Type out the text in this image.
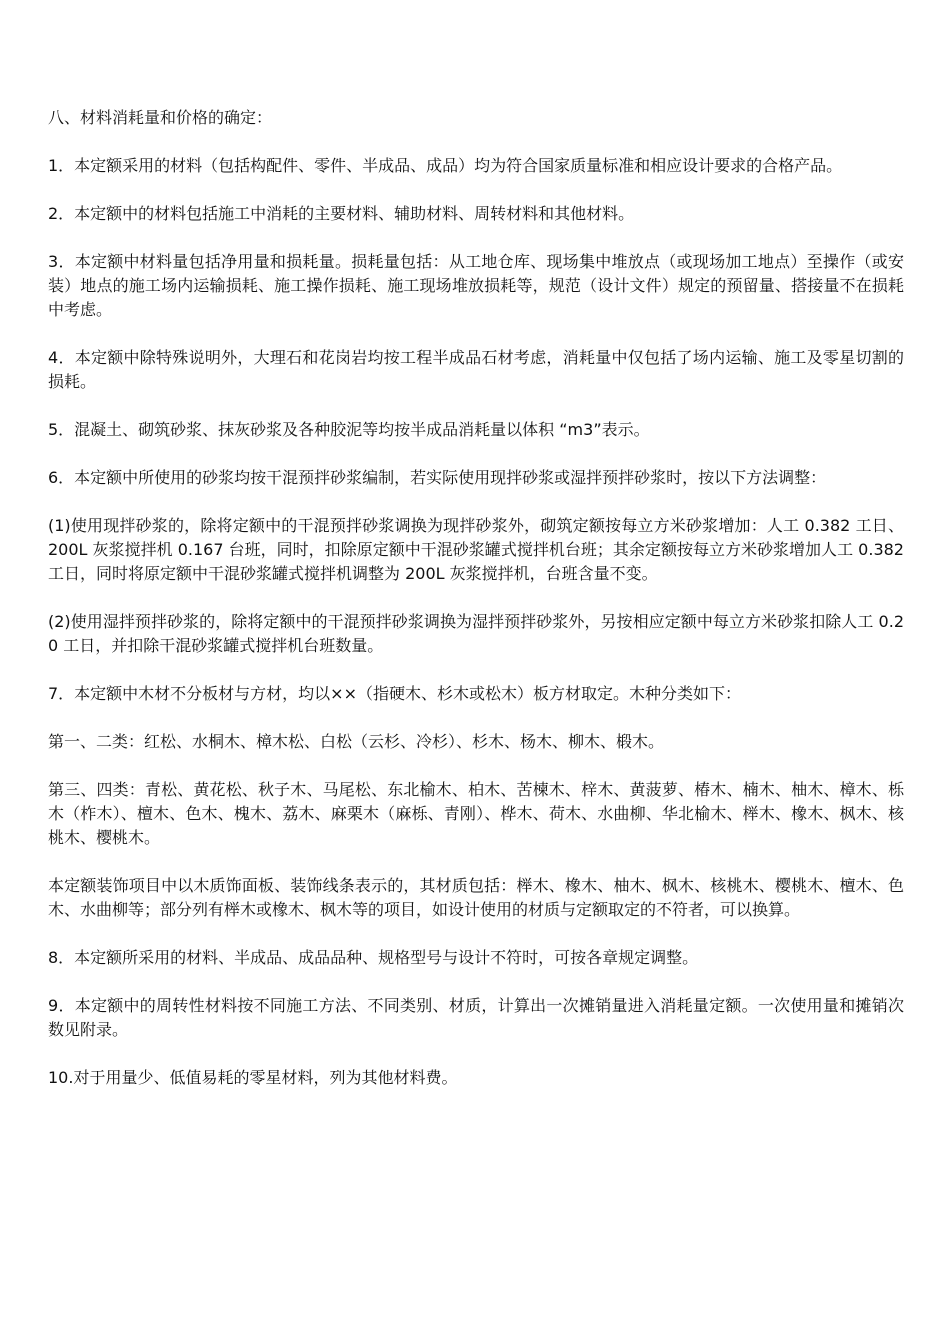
八、材料消耗量和价格的确定：

1．本定额采用的材料（包括构配件、零件、半成品、成品）均为符合国家质量标准和相应设计要求的合格产品。

2．本定额中的材料包括施工中消耗的主要材料、辅助材料、周转材料和其他材料。

3．本定额中材料量包括净用量和损耗量。损耗量包括：从工地仓库、现场集中堆放点（或现场加工地点）至操作（或安装）地点的施工场内运输损耗、施工操作损耗、施工现场堆放损耗等，规范（设计文件）规定的预留量、搭接量不在损耗中考虑。

4．本定额中除特殊说明外，大理石和花岗岩均按工程半成品石材考虑，消耗量中仅包括了场内运输、施工及零星切割的损耗。

5．混凝土、砌筑砂浆、抹灰砂浆及各种胶泥等均按半成品消耗量以体积 “m3”表示。

6．本定额中所使用的砂浆均按干混预拌砂浆编制，若实际使用现拌砂浆或湿拌预拌砂浆时，按以下方法调整：

(1)使用现拌砂浆的，除将定额中的干混预拌砂浆调换为现拌砂浆外，砌筑定额按每立方米砂浆增加：人工 0.382 工日、200L 灰浆搅拌机 0.167 台班，同时，扣除原定额中干混砂浆罐式搅拌机台班；其余定额按每立方米砂浆增加人工 0.382 工日，同时将原定额中干混砂浆罐式搅拌机调整为 200L 灰浆搅拌机，台班含量不变。

(2)使用湿拌预拌砂浆的，除将定额中的干混预拌砂浆调换为湿拌预拌砂浆外，另按相应定额中每立方米砂浆扣除人工 0.20 工日，并扣除干混砂浆罐式搅拌机台班数量。

7．本定额中木材不分板材与方材，均以××（指硬木、杉木或松木）板方材取定。木种分类如下：

第一、二类：红松、水桐木、樟木松、白松（云杉、冷杉）、杉木、杨木、柳木、椴木。

第三、四类：青松、黄花松、秋子木、马尾松、东北榆木、柏木、苦楝木、梓木、黄菠萝、椿木、楠木、柚木、樟木、栎木（柞木）、檀木、色木、槐木、荔木、麻栗木（麻栎、青刚）、桦木、荷木、水曲柳、华北榆木、榉木、橡木、枫木、核桃木、樱桃木。

本定额装饰项目中以木质饰面板、装饰线条表示的，其材质包括：榉木、橡木、柚木、枫木、核桃木、樱桃木、檀木、色木、水曲柳等；部分列有榉木或橡木、枫木等的项目，如设计使用的材质与定额取定的不符者，可以换算。

8．本定额所采用的材料、半成品、成品品种、规格型号与设计不符时，可按各章规定调整。

9．本定额中的周转性材料按不同施工方法、不同类别、材质，计算出一次摊销量进入消耗量定额。一次使用量和摊销次数见附录。

10.对于用量少、低值易耗的零星材料，列为其他材料费。
